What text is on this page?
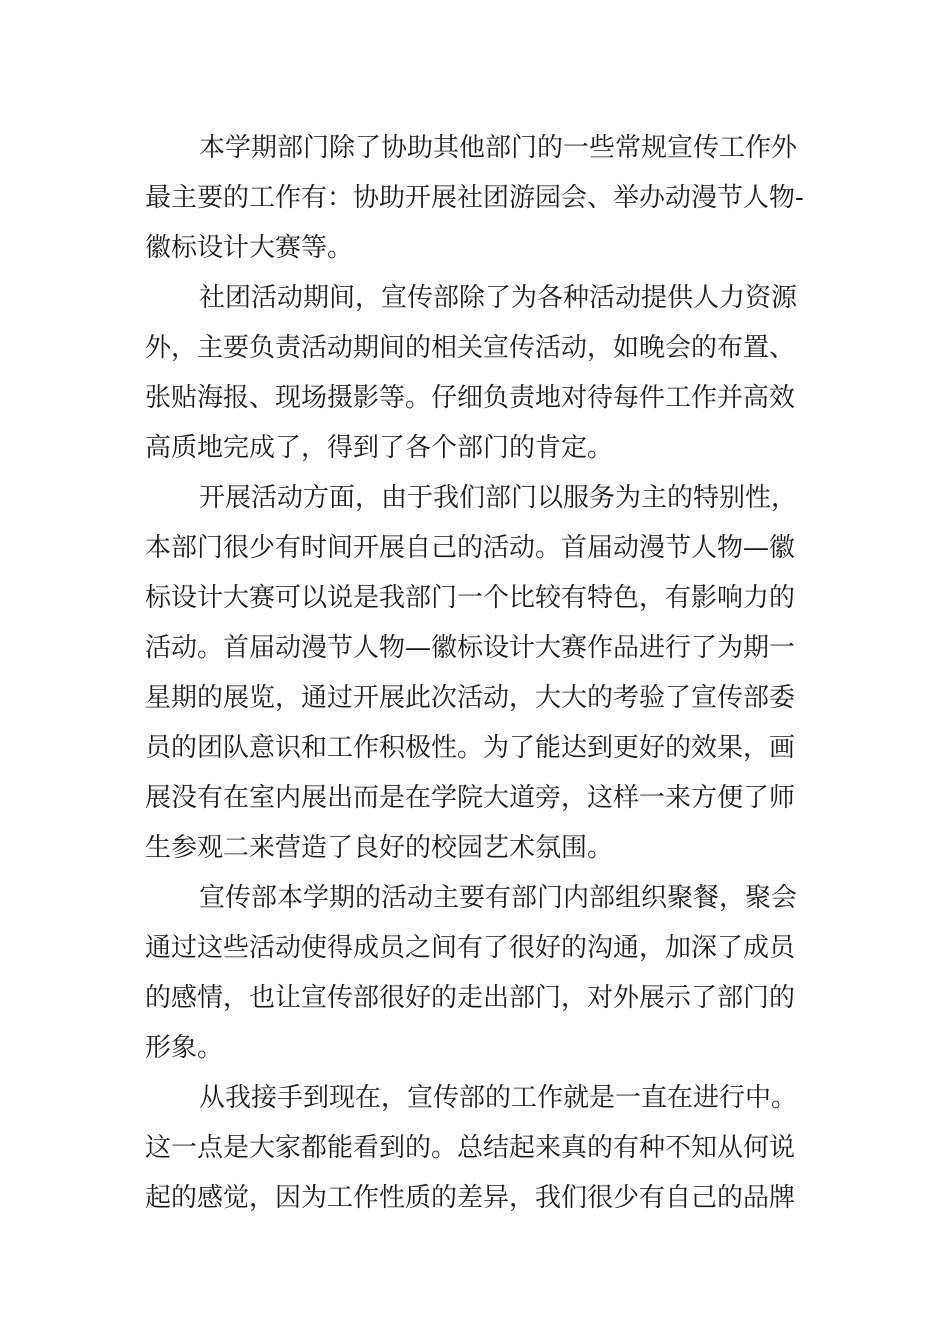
本学期部门除了协助其他部门的一些常规宣传工作外
最主要的工作有：协助开展社团游园会、举办动漫节人物-
徽标设计大赛等。
社团活动期间，宣传部除了为各种活动提供人力资源
外，主要负责活动期间的相关宣传活动，如晚会的布置、
张贴海报、现场摄影等。仔细负责地对待每件工作并高效
高质地完成了，得到了各个部门的肯定。
开展活动方面，由于我们部门以服务为主的特别性，
本部门很少有时间开展自己的活动。首届动漫节人物—徽
标设计大赛可以说是我部门一个比较有特色，有影响力的
活动。首届动漫节人物—徽标设计大赛作品进行了为期一
星期的展览，通过开展此次活动，大大的考验了宣传部委
员的团队意识和工作积极性。为了能达到更好的效果，画
展没有在室内展出而是在学院大道旁，这样一来方便了师
生参观二来营造了良好的校园艺术氛围。
宣传部本学期的活动主要有部门内部组织聚餐，聚会
通过这些活动使得成员之间有了很好的沟通，加深了成员
的感情，也让宣传部很好的走出部门，对外展示了部门的
形象。
从我接手到现在，宣传部的工作就是一直在进行中。
这一点是大家都能看到的。总结起来真的有种不知从何说
起的感觉，因为工作性质的差异，我们很少有自己的品牌
